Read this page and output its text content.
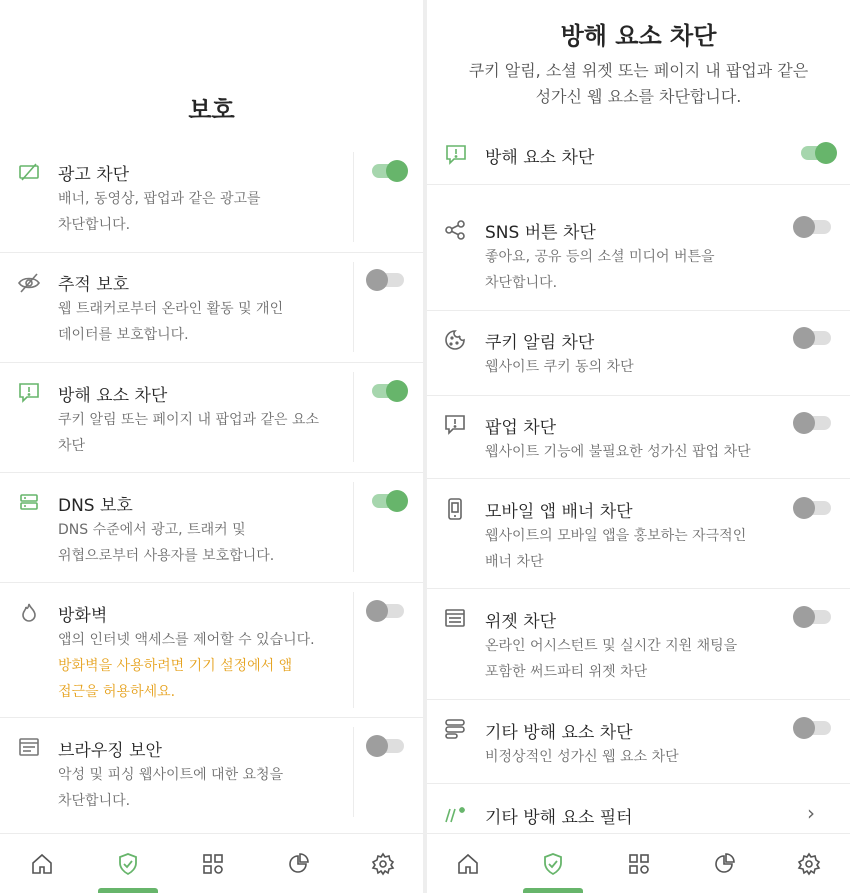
보호
광고 차단
배너, 동영상, 팝업과 같은 광고를
차단합니다.
추적 보호
웹 트래커로부터 온라인 활동 및 개인
데이터를 보호합니다.
방해 요소 차단
쿠키 알림 또는 페이지 내 팝업과 같은 요소
차단
DNS 보호
DNS 수준에서 광고, 트래커 및
위협으로부터 사용자를 보호합니다.
방화벽
앱의 인터넷 액세스를 제어할 수 있습니다.
방화벽을 사용하려면 기기 설정에서 앱
접근을 허용하세요.
브라우징 보안
악성 및 피싱 웹사이트에 대한 요청을
차단합니다.
방해 요소 차단
쿠키 알림, 소셜 위젯 또는 페이지 내 팝업과 같은
성가신 웹 요소를 차단합니다.
방해 요소 차단
SNS 버튼 차단
좋아요, 공유 등의 소셜 미디어 버튼을
차단합니다.
쿠키 알림 차단
웹사이트 쿠키 동의 차단
팝업 차단
웹사이트 기능에 불필요한 성가신 팝업 차단
모바일 앱 배너 차단
웹사이트의 모바일 앱을 홍보하는 자극적인
배너 차단
위젯 차단
온라인 어시스턴트 및 실시간 지원 채팅을
포함한 써드파티 위젯 차단
기타 방해 요소 차단
비정상적인 성가신 웹 요소 차단
기타 방해 요소 필터	›
